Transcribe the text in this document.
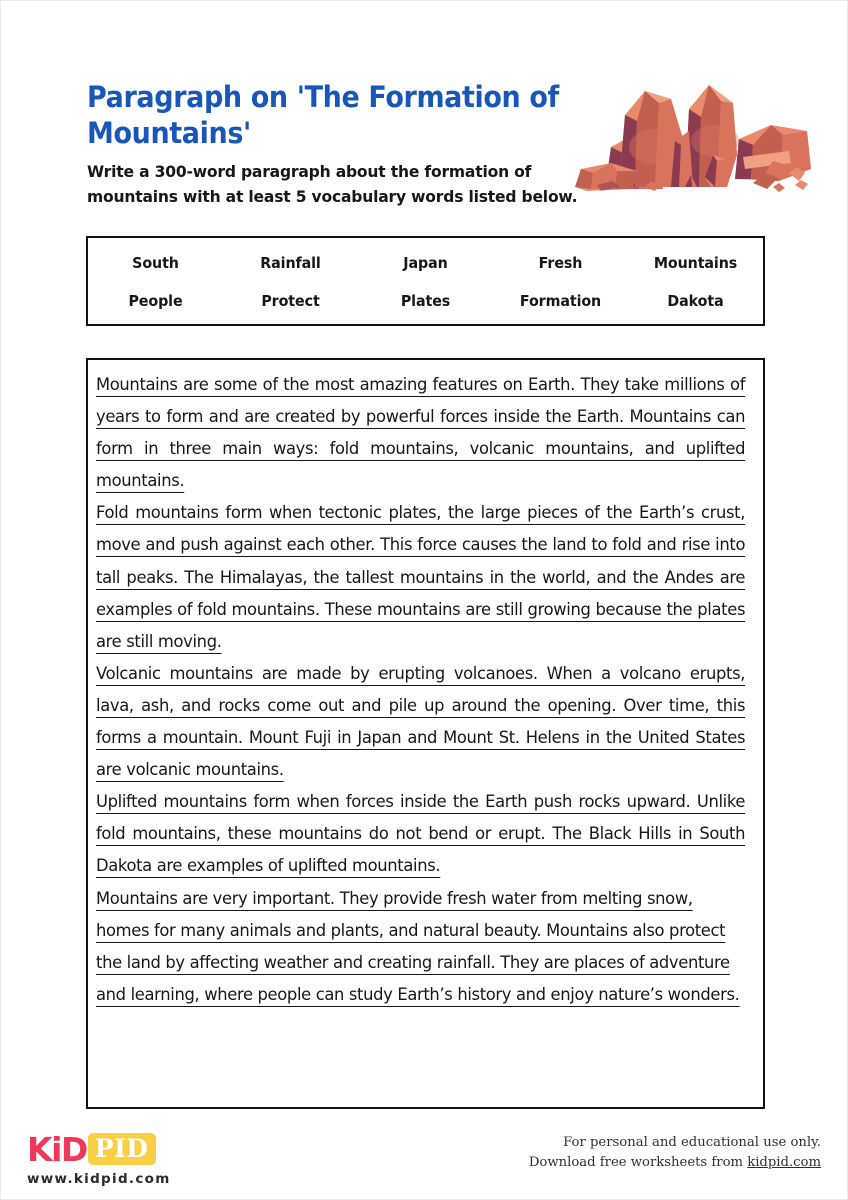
Paragraph on 'The Formation of Mountains'

Write a 300-word paragraph about the formation of mountains with at least 5 vocabulary words listed below.

South	Rainfall	Japan	Fresh	Mountains
People	Protect	Plates	Formation	Dakota

Mountains are some of the most amazing features on Earth. They take millions of years to form and are created by powerful forces inside the Earth. Mountains can form in three main ways: fold mountains, volcanic mountains, and uplifted mountains.

Fold mountains form when tectonic plates, the large pieces of the Earth’s crust, move and push against each other. This force causes the land to fold and rise into tall peaks. The Himalayas, the tallest mountains in the world, and the Andes are examples of fold mountains. These mountains are still growing because the plates are still moving.

Volcanic mountains are made by erupting volcanoes. When a volcano erupts, lava, ash, and rocks come out and pile up around the opening. Over time, this forms a mountain. Mount Fuji in Japan and Mount St. Helens in the United States are volcanic mountains.

Uplifted mountains form when forces inside the Earth push rocks upward. Unlike fold mountains, these mountains do not bend or erupt. The Black Hills in South Dakota are examples of uplifted mountains.

Mountains are very important. They provide fresh water from melting snow, homes for many animals and plants, and natural beauty. Mountains also protect the land by affecting weather and creating rainfall. They are places of adventure and learning, where people can study Earth’s history and enjoy nature’s wonders.

KiD PID
www.kidpid.com
For personal and educational use only.
Download free worksheets from kidpid.com
